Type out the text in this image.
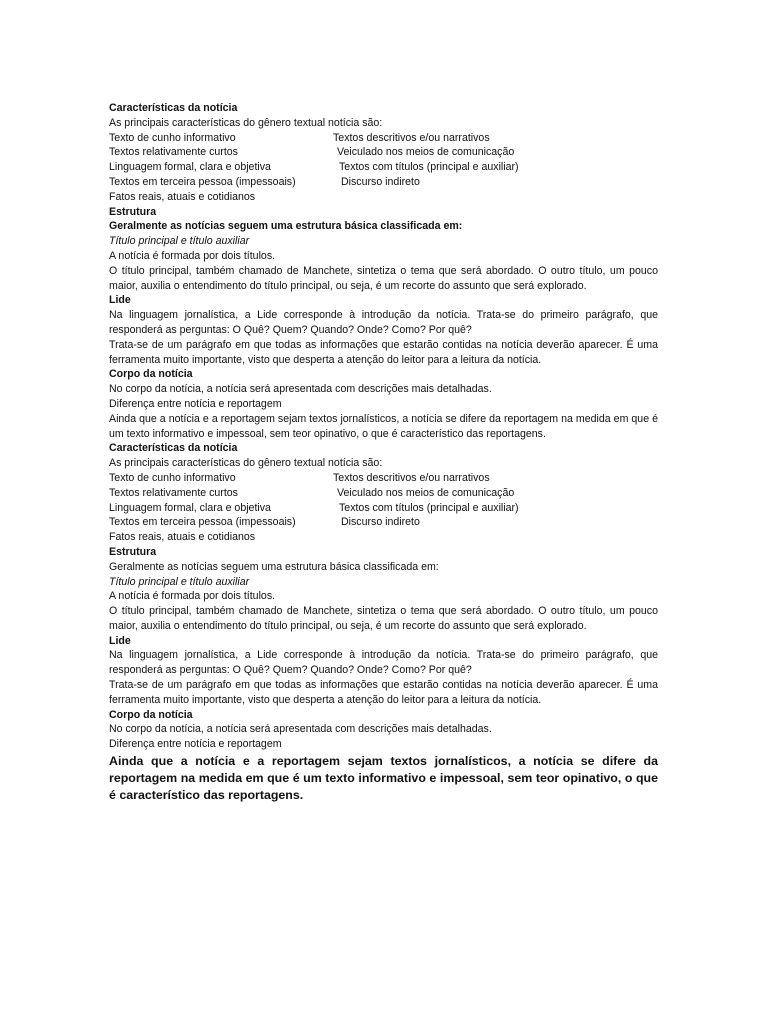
Características da notícia

As principais características do gênero textual notícia são:

Texto de cunho informativo	Textos descritivos e/ou narrativos
Textos relativamente curtos	Veiculado nos meios de comunicação
Linguagem formal, clara e objetiva	Textos com títulos (principal e auxiliar)
Textos em terceira pessoa (impessoais)	Discurso indireto

Fatos reais, atuais e cotidianos

Estrutura

Geralmente as notícias seguem uma estrutura básica classificada em:

Título principal e título auxiliar

A notícia é formada por dois títulos.

O título principal, também chamado de Manchete, sintetiza o tema que será abordado. O outro título, um pouco maior, auxilia o entendimento do título principal, ou seja, é um recorte do assunto que será explorado.

Lide

Na linguagem jornalística, a Lide corresponde à introdução da notícia. Trata-se do primeiro parágrafo, que responderá as perguntas: O Quê? Quem? Quando? Onde? Como? Por quê?

Trata-se de um parágrafo em que todas as informações que estarão contidas na notícia deverão aparecer. É uma ferramenta muito importante, visto que desperta a atenção do leitor para a leitura da notícia.

Corpo da notícia

No corpo da notícia, a notícia será apresentada com descrições mais detalhadas.

Diferença entre notícia e reportagem

Ainda que a notícia e a reportagem sejam textos jornalísticos, a notícia se difere da reportagem na medida em que é um texto informativo e impessoal, sem teor opinativo, o que é característico das reportagens.

Características da notícia

As principais características do gênero textual notícia são:

Texto de cunho informativo	Textos descritivos e/ou narrativos
Textos relativamente curtos	Veiculado nos meios de comunicação
Linguagem formal, clara e objetiva	Textos com títulos (principal e auxiliar)
Textos em terceira pessoa (impessoais)	Discurso indireto

Fatos reais, atuais e cotidianos

Estrutura

Geralmente as notícias seguem uma estrutura básica classificada em:

Título principal e título auxiliar

A notícia é formada por dois títulos.

O título principal, também chamado de Manchete, sintetiza o tema que será abordado. O outro título, um pouco maior, auxilia o entendimento do título principal, ou seja, é um recorte do assunto que será explorado.

Lide

Na linguagem jornalística, a Lide corresponde à introdução da notícia. Trata-se do primeiro parágrafo, que responderá as perguntas: O Quê? Quem? Quando? Onde? Como? Por quê?

Trata-se de um parágrafo em que todas as informações que estarão contidas na notícia deverão aparecer. É uma ferramenta muito importante, visto que desperta a atenção do leitor para a leitura da notícia.

Corpo da notícia

No corpo da notícia, a notícia será apresentada com descrições mais detalhadas.

Diferença entre notícia e reportagem

Ainda que a notícia e a reportagem sejam textos jornalísticos, a notícia se difere da reportagem na medida em que é um texto informativo e impessoal, sem teor opinativo, o que é característico das reportagens.
